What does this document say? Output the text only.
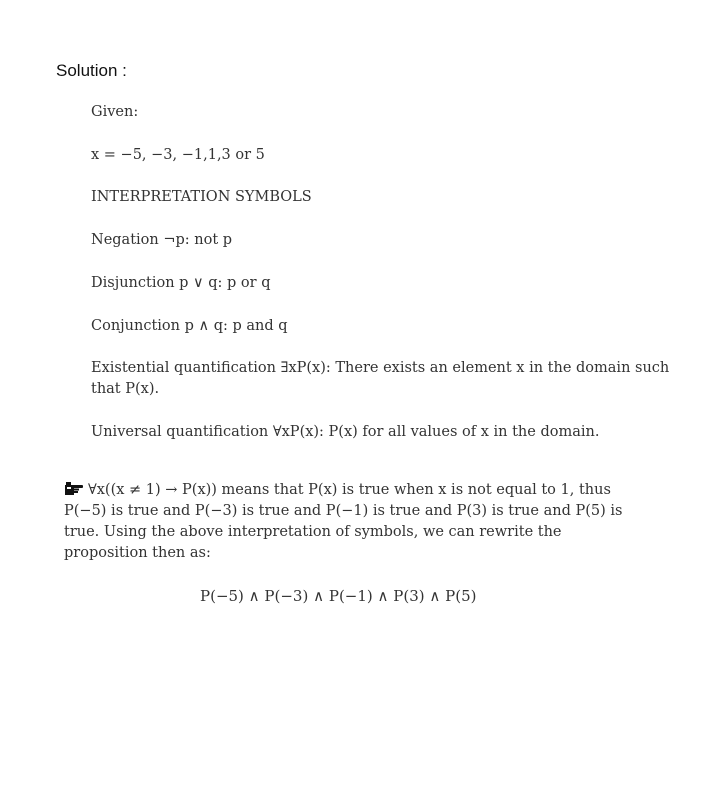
Solution :
Given:
x = −5, −3, −1,1,3 or 5
INTERPRETATION SYMBOLS
Negation ¬p: not p
Disjunction p ∨ q: p or q
Conjunction p ∧ q: p and q
Existential quantification ∃xP(x): There exists an element x in the domain such that P(x).
Universal quantification ∀xP(x): P(x) for all values of x in the domain.
∀x((x ≠ 1) → P(x)) means that P(x) is true when x is not equal to 1, thus P(−5) is true and P(−3) is true and P(−1) is true and P(3) is true and P(5) is true. Using the above interpretation of symbols, we can rewrite the proposition then as:
P(−5) ∧ P(−3) ∧ P(−1) ∧ P(3) ∧ P(5)
